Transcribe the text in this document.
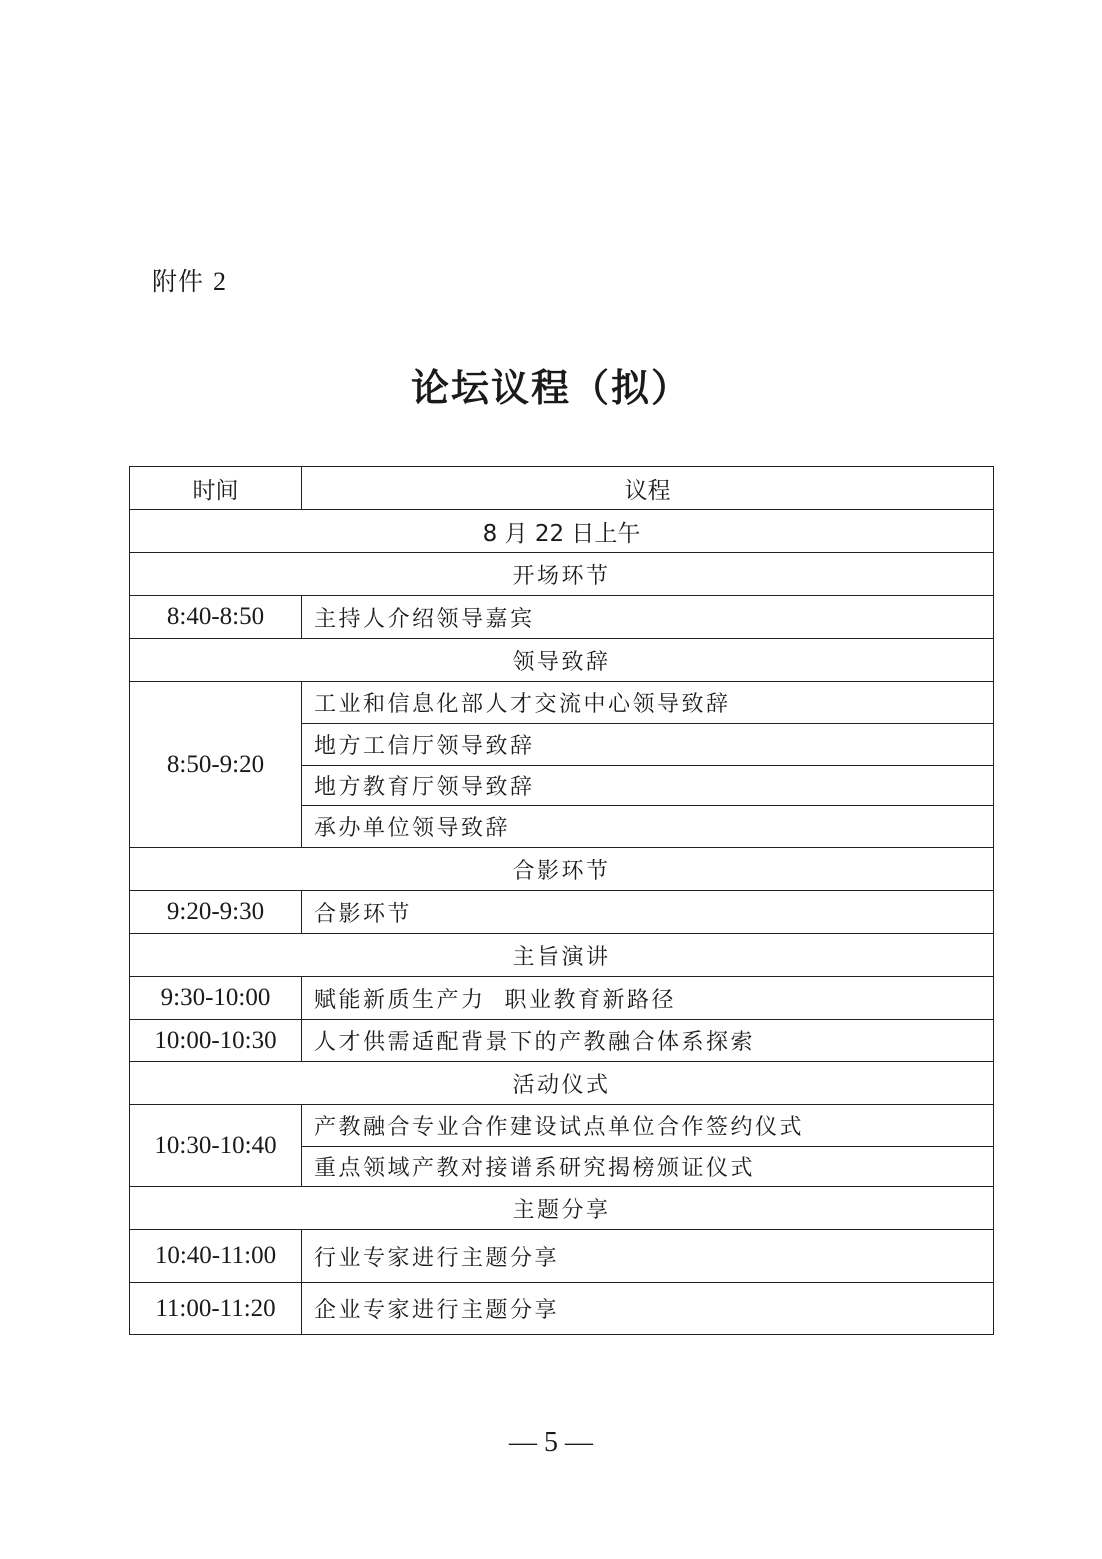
附件 2
论坛议程（拟）
时间	议程
8 月 22 日上午	
开场环节	
8:40-8:50	主持人介绍领导嘉宾
领导致辞	
8:50-9:20	工业和信息化部人才交流中心领导致辞
	地方工信厅领导致辞
	地方教育厅领导致辞
	承办单位领导致辞
合影环节	
9:20-9:30	合影环节
主旨演讲	
9:30-10:00	赋能新质生产力  职业教育新路径
10:00-10:30	人才供需适配背景下的产教融合体系探索
活动仪式	
10:30-10:40	产教融合专业合作建设试点单位合作签约仪式
	重点领域产教对接谱系研究揭榜颁证仪式
主题分享	
10:40-11:00	行业专家进行主题分享
11:00-11:20	企业专家进行主题分享
— 5 —
